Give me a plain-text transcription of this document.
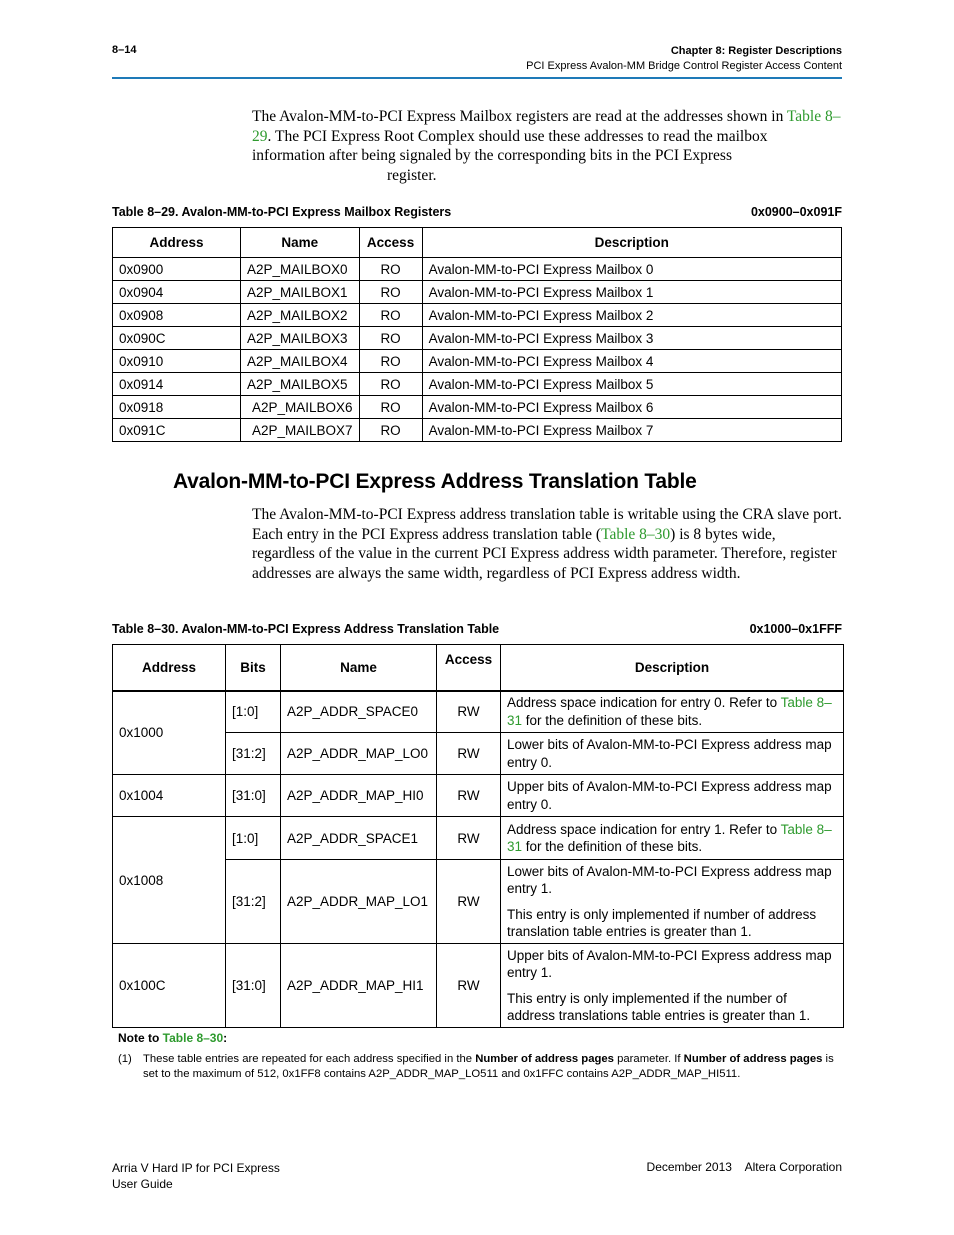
8–14	Chapter 8: Register Descriptions
PCI Express Avalon-MM Bridge Control Register Access Content
The Avalon-MM-to-PCI Express Mailbox registers are read at the addresses shown in Table 8–29. The PCI Express Root Complex should use these addresses to read the mailbox information after being signaled by the corresponding bits in the PCI Express
register.
Table 8–29. Avalon-MM-to-PCI Express Mailbox Registers	0x0900–0x091F
Address	Name	Access	Description
0x0900	A2P_MAILBOX0	RO	Avalon-MM-to-PCI Express Mailbox 0
0x0904	A2P_MAILBOX1	RO	Avalon-MM-to-PCI Express Mailbox 1
0x0908	A2P_MAILBOX2	RO	Avalon-MM-to-PCI Express Mailbox 2
0x090C	A2P_MAILBOX3	RO	Avalon-MM-to-PCI Express Mailbox 3
0x0910	A2P_MAILBOX4	RO	Avalon-MM-to-PCI Express Mailbox 4
0x0914	A2P_MAILBOX5	RO	Avalon-MM-to-PCI Express Mailbox 5
0x0918	A2P_MAILBOX6	RO	Avalon-MM-to-PCI Express Mailbox 6
0x091C	A2P_MAILBOX7	RO	Avalon-MM-to-PCI Express Mailbox 7
Avalon-MM-to-PCI Express Address Translation Table
The Avalon-MM-to-PCI Express address translation table is writable using the CRA slave port. Each entry in the PCI Express address translation table (Table 8–30) is 8 bytes wide, regardless of the value in the current PCI Express address width parameter. Therefore, register addresses are always the same width, regardless of PCI Express address width.
Table 8–30. Avalon-MM-to-PCI Express Address Translation Table	0x1000–0x1FFF
Address	Bits	Name	Access	Description
0x1000	[1:0]	A2P_ADDR_SPACE0	RW	Address space indication for entry 0. Refer to Table 8–31 for the definition of these bits.

	[31:2]	A2P_ADDR_MAP_LO0	RW	Lower bits of Avalon-MM-to-PCI Express address map entry 0.

0x1004	[31:0]	A2P_ADDR_MAP_HI0	RW	Upper bits of Avalon-MM-to-PCI Express address map entry 0.

0x1008	[1:0]	A2P_ADDR_SPACE1	RW	Address space indication for entry 1. Refer to Table 8–31 for the definition of these bits.

	[31:2]	A2P_ADDR_MAP_LO1	RW	Lower bits of Avalon-MM-to-PCI Express address map entry 1.

This entry is only implemented if number of address translation table entries is greater than 1.

0x100C	[31:0]	A2P_ADDR_MAP_HI1	RW	Upper bits of Avalon-MM-to-PCI Express address map entry 1.

This entry is only implemented if the number of address translations table entries is greater than 1.

Note to Table 8–30:
(1) These table entries are repeated for each address specified in the Number of address pages parameter. If Number of address pages is set to the maximum of 512, 0x1FF8 contains A2P_ADDR_MAP_LO511 and 0x1FFC contains A2P_ADDR_MAP_HI511.
Arria V Hard IP for PCI Express
User Guide
December 2013    Altera Corporation
